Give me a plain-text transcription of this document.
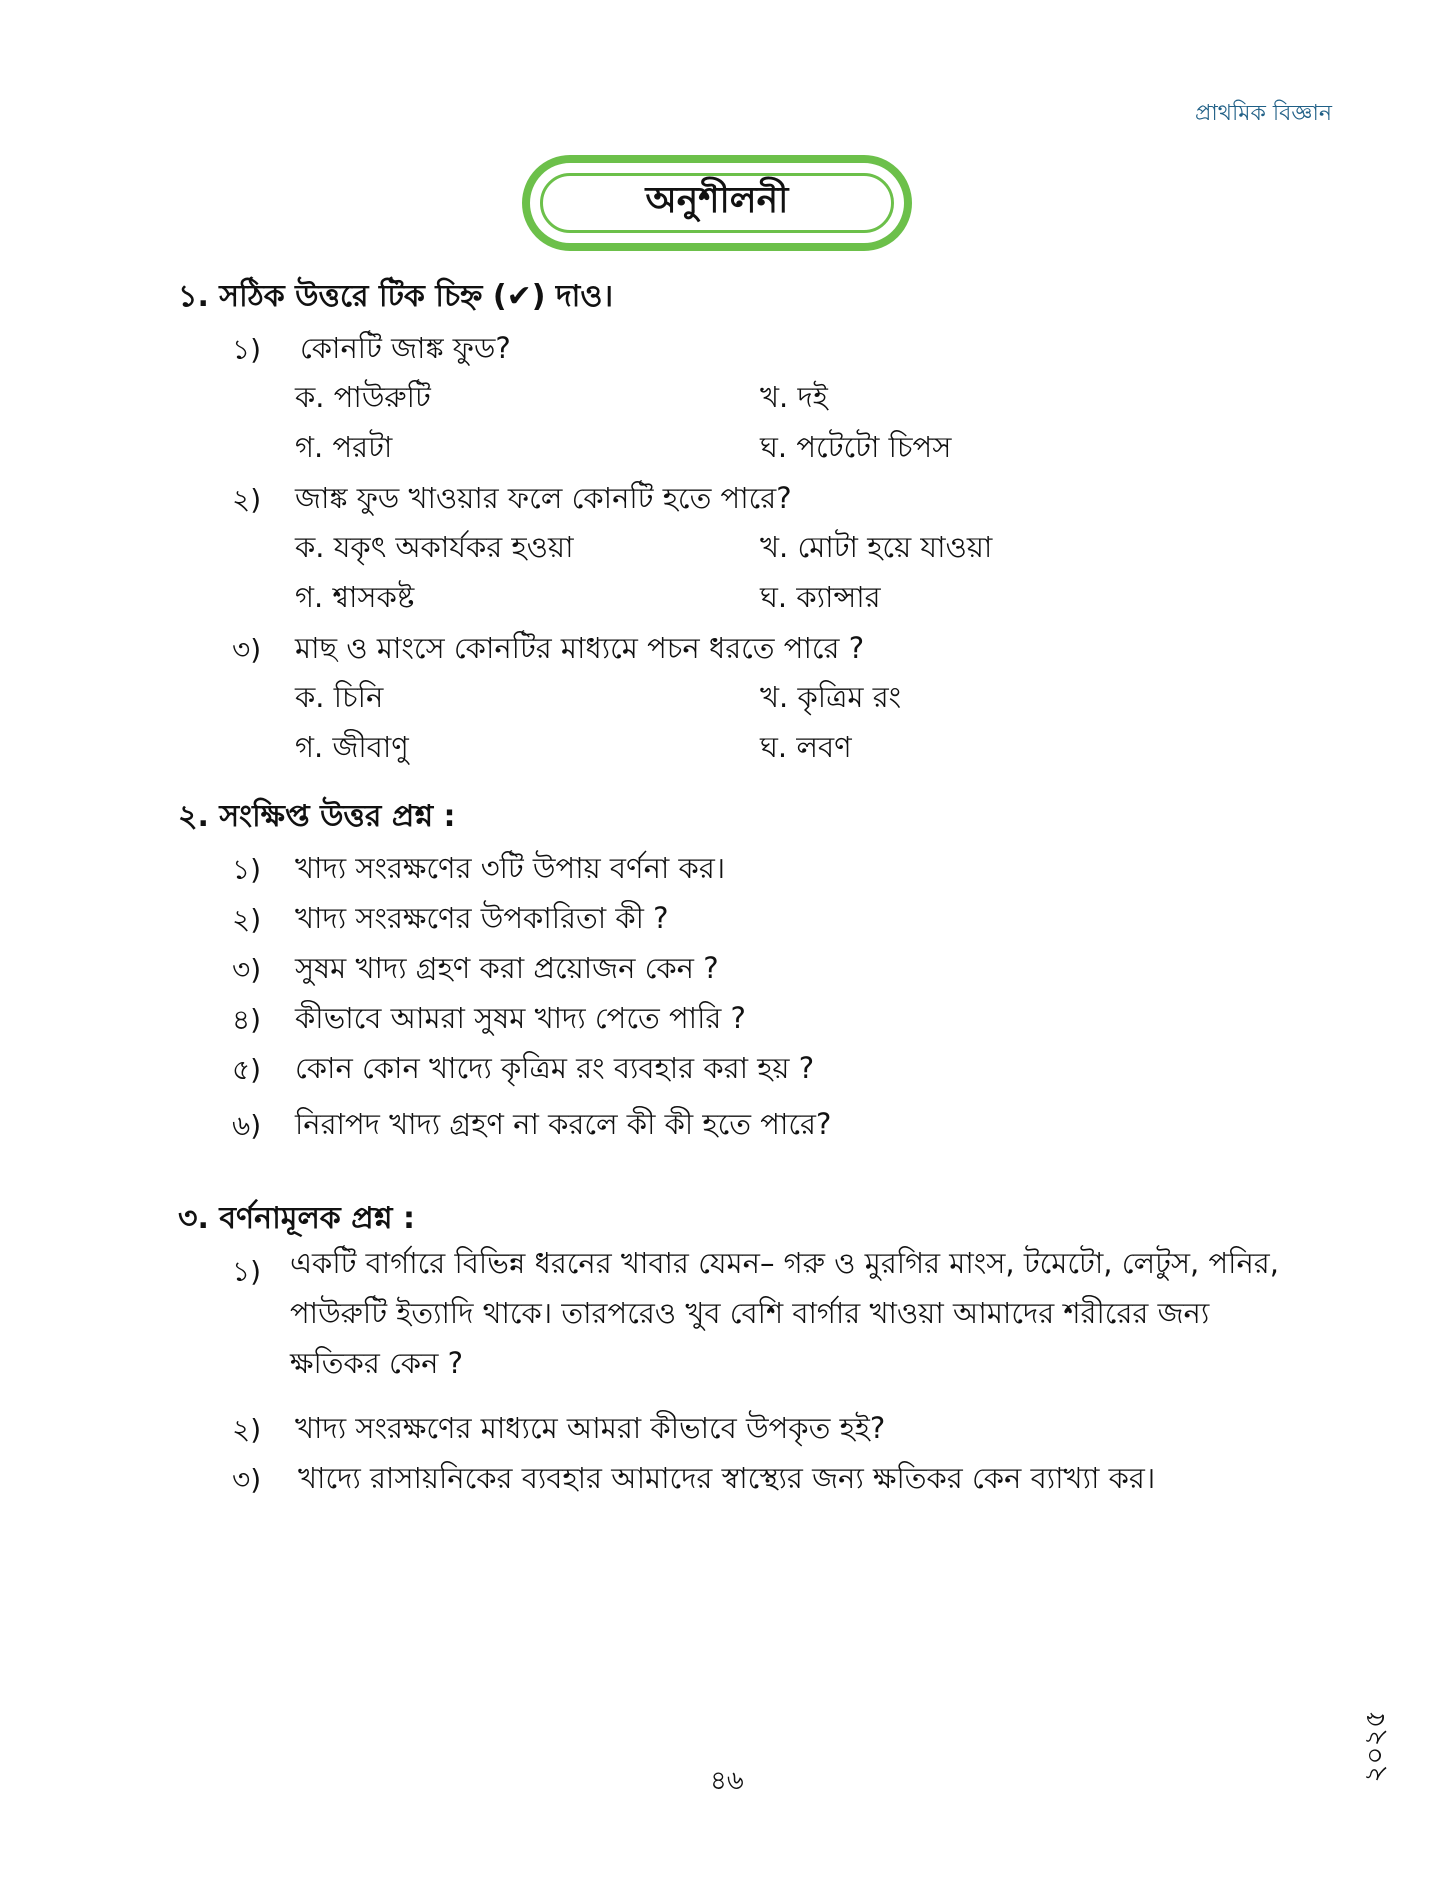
প্রাথমিক বিজ্ঞান
অনুশীলনী
১. সঠিক উত্তরে টিক চিহ্ন (✔) দাও।
১) কোনটি জাঙ্ক ফুড?
ক. পাউরুটি	খ. দই
গ. পরটা	ঘ. পটেটো চিপস
২) জাঙ্ক ফুড খাওয়ার ফলে কোনটি হতে পারে?
ক. যকৃৎ অকার্যকর হওয়া	খ. মোটা হয়ে যাওয়া
গ. শ্বাসকষ্ট	ঘ. ক্যান্সার
৩) মাছ ও মাংসে কোনটির মাধ্যমে পচন ধরতে পারে ?
ক. চিনি	খ. কৃত্রিম রং
গ. জীবাণু	ঘ. লবণ
২. সংক্ষিপ্ত উত্তর প্রশ্ন :
১) খাদ্য সংরক্ষণের ৩টি উপায় বর্ণনা কর।
২) খাদ্য সংরক্ষণের উপকারিতা কী ?
৩) সুষম খাদ্য গ্রহণ করা প্রয়োজন কেন ?
৪) কীভাবে আমরা সুষম খাদ্য পেতে পারি ?
৫) কোন কোন খাদ্যে কৃত্রিম রং ব্যবহার করা হয় ?
৬) নিরাপদ খাদ্য গ্রহণ না করলে কী কী হতে পারে?
৩. বর্ণনামূলক প্রশ্ন :
১) একটি বার্গারে বিভিন্ন ধরনের খাবার যেমন– গরু ও মুরগির মাংস, টমেটো, লেটুস, পনির, পাউরুটি ইত্যাদি থাকে। তারপরেও খুব বেশি বার্গার খাওয়া আমাদের শরীরের জন্য ক্ষতিকর কেন ?
২) খাদ্য সংরক্ষণের মাধ্যমে আমরা কীভাবে উপকৃত হই?
৩) খাদ্যে রাসায়নিকের ব্যবহার আমাদের স্বাস্থ্যের জন্য ক্ষতিকর কেন ব্যাখ্যা কর।
৪৬	২০২৫
